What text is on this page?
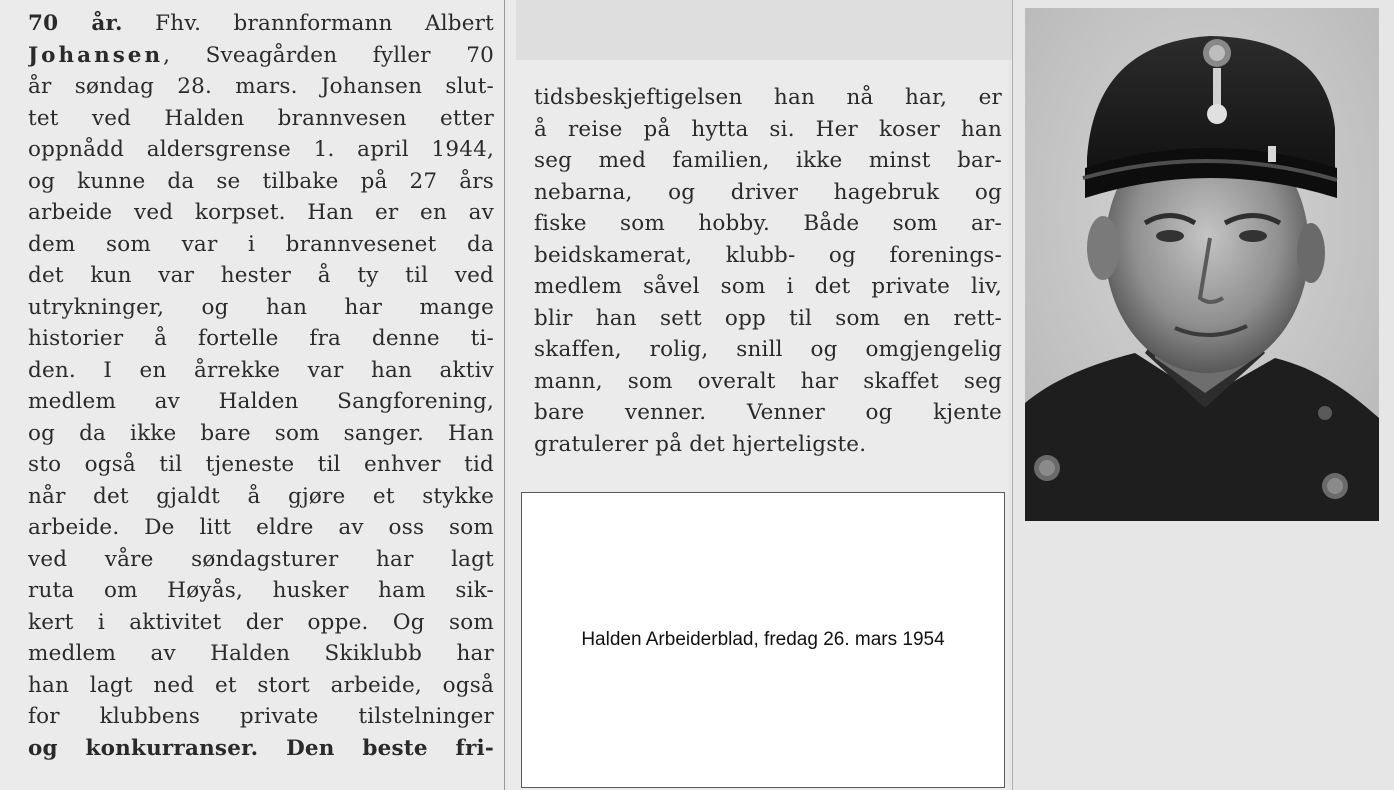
70 år. Fhv. brannformann Albert
Johansen, Sveagården fyller 70
år søndag 28. mars. Johansen slut-
tet ved Halden brannvesen etter
oppnådd aldersgrense 1. april 1944,
og kunne da se tilbake på 27 års
arbeide ved korpset. Han er en av
dem som var i brannvesenet da
det kun var hester å ty til ved
utrykninger, og han har mange
historier å fortelle fra denne ti-
den. I en årrekke var han aktiv
medlem av Halden Sangforening,
og da ikke bare som sanger. Han
sto også til tjeneste til enhver tid
når det gjaldt å gjøre et stykke
arbeide. De litt eldre av oss som
ved våre søndagsturer har lagt
ruta om Høyås, husker ham sik-
kert i aktivitet der oppe. Og som
medlem av Halden Skiklubb har
han lagt ned et stort arbeide, også
for klubbens private tilstelninger
og konkurranser. Den beste fri-
tidsbeskjeftigelsen han nå har, er
å reise på hytta si. Her koser han
seg med familien, ikke minst bar-
nebarna, og driver hagebruk og
fiske som hobby. Både som ar-
beidskamerat, klubb- og forenings-
medlem såvel som i det private liv,
blir han sett opp til som en rett-
skaffen, rolig, snill og omgjengelig
mann, som overalt har skaffet seg
bare venner. Venner og kjente
gratulerer på det hjerteligste.
Halden Arbeiderblad, fredag 26. mars 1954
